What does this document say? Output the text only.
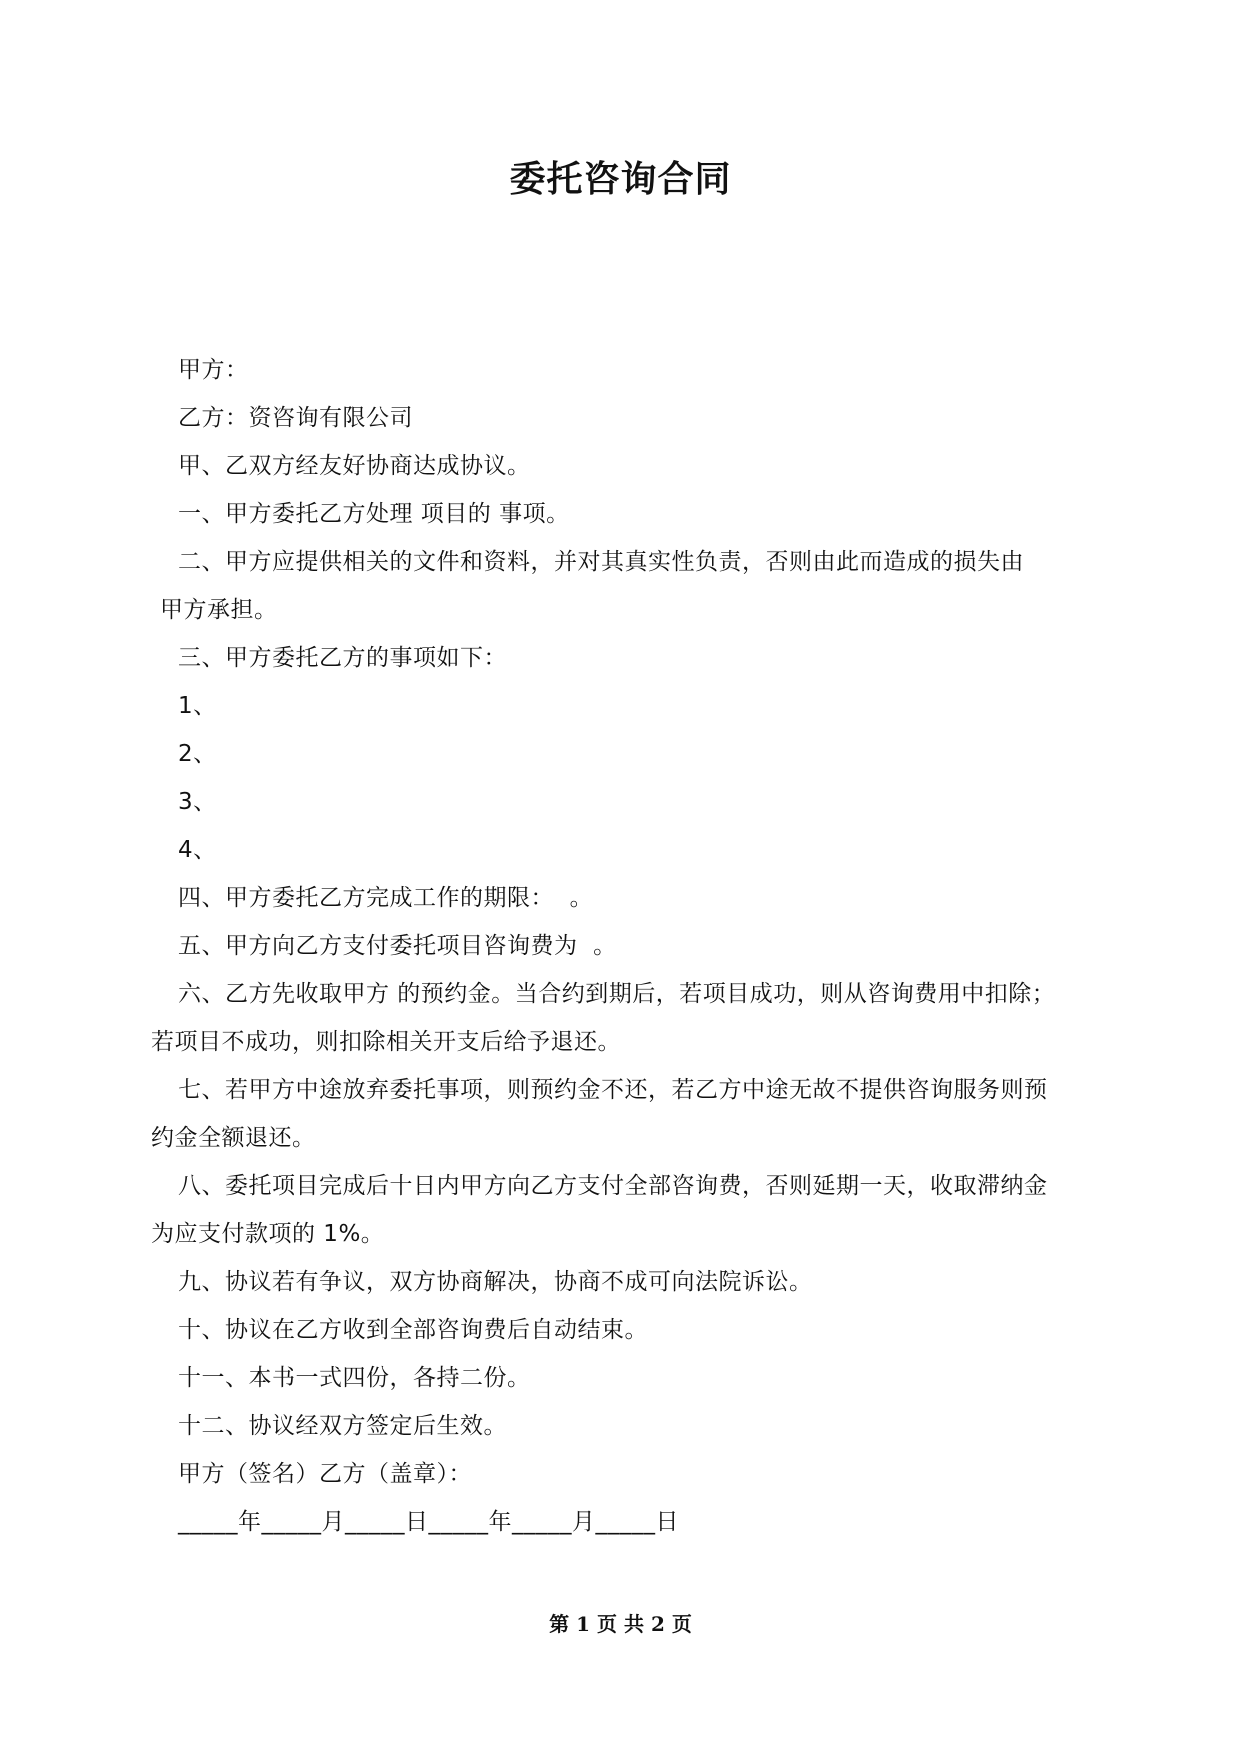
委托咨询合同
甲方：
乙方：资咨询有限公司
甲、乙双方经友好协商达成协议。
一、甲方委托乙方处理 项目的 事项。
二、甲方应提供相关的文件和资料，并对其真实性负责，否则由此而造成的损失由
甲方承担。
三、甲方委托乙方的事项如下：
1、
2、
3、
4、
四、甲方委托乙方完成工作的期限：  。
五、甲方向乙方支付委托项目咨询费为  。
六、乙方先收取甲方 的预约金。当合约到期后，若项目成功，则从咨询费用中扣除；
若项目不成功，则扣除相关开支后给予退还。
七、若甲方中途放弃委托事项，则预约金不还，若乙方中途无故不提供咨询服务则预
约金全额退还。
八、委托项目完成后十日内甲方向乙方支付全部咨询费，否则延期一天，收取滞纳金
为应支付款项的 1%。
九、协议若有争议，双方协商解决，协商不成可向法院诉讼。
十、协议在乙方收到全部咨询费后自动结束。
十一、本书一式四份，各持二份。
十二、协议经双方签定后生效。
甲方（签名）乙方（盖章）：
_____年_____月_____日_____年_____月_____日
第 1 页 共 2 页
